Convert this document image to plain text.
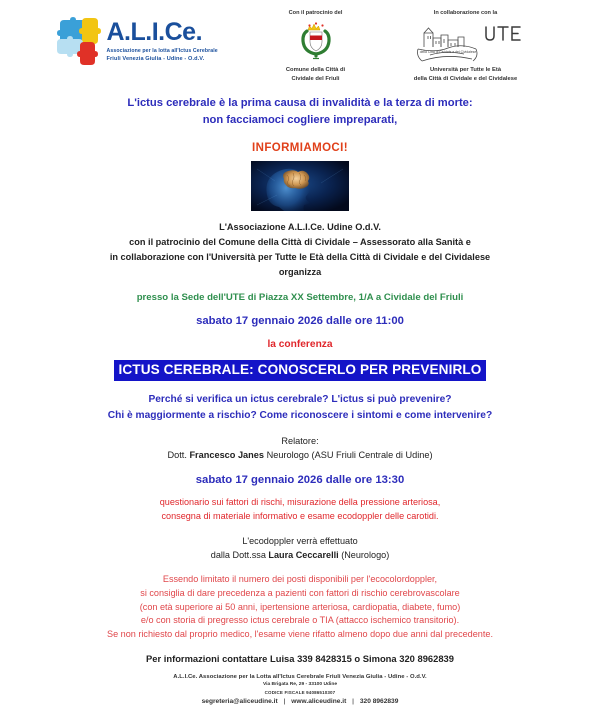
A.L.I.Ce.
Associazione per la lotta all'Ictus Cerebrale
Friuli Venezia Giulia - Udine - O.d.V.
Con il patrocinio del
Comune della Città di
Cividale del Friuli
In collaborazione con la
della Città di Cividale e del Cividalese
Università per Tutte le Età
della Città di Cividale e del Cividalese
L'ictus cerebrale è la prima causa di invalidità e la terza di morte:
non facciamoci cogliere impreparati,
INFORMIAMOCI!
L'Associazione A.L.I.Ce. Udine O.d.V.
con il patrocinio del Comune della Città di Cividale – Assessorato alla Sanità e
in collaborazione con l'Università per Tutte le Età della Città di Cividale e del Cividalese
organizza
presso la Sede dell'UTE di Piazza XX Settembre, 1/A a Cividale del Friuli
sabato 17 gennaio 2026 dalle ore 11:00
la conferenza
ICTUS CEREBRALE: CONOSCERLO PER PREVENIRLO
Perché si verifica un ictus cerebrale? L'ictus si può prevenire?
Chi è maggiormente a rischio? Come riconoscere i sintomi e come intervenire?
Relatore:
Dott. Francesco Janes Neurologo (ASU Friuli Centrale di Udine)
sabato 17 gennaio 2026 dalle ore 13:30
questionario sui fattori di rischi, misurazione della pressione arteriosa,
consegna di materiale informativo e esame ecodoppler delle carotidi.
L'ecodoppler verrà effettuato
dalla Dott.ssa Laura Ceccarelli (Neurologo)
Essendo limitato il numero dei posti disponibili per l'ecocolordoppler,
si consiglia di dare precedenza a pazienti con fattori di rischio cerebrovascolare
(con età superiore ai 50 anni, ipertensione arteriosa, cardiopatia, diabete, fumo)
e/o con storia di pregresso ictus cerebrale o TIA (attacco ischemico transitorio).
Se non richiesto dal proprio medico, l'esame viene rifatto almeno dopo due anni dal precedente.
Per informazioni contattare Luisa 339 8428315 o Simona 320 8962839
A.L.I.Ce. Associazione per la Lotta all'Ictus Cerebrale Friuli Venezia Giulia - Udine - O.d.V.
Via Brigata Re, 29 - 33100 Udine
CODICE FISCALE 94086510307
segreteria@aliceudine.it | www.aliceudine.it | 320 8962839
